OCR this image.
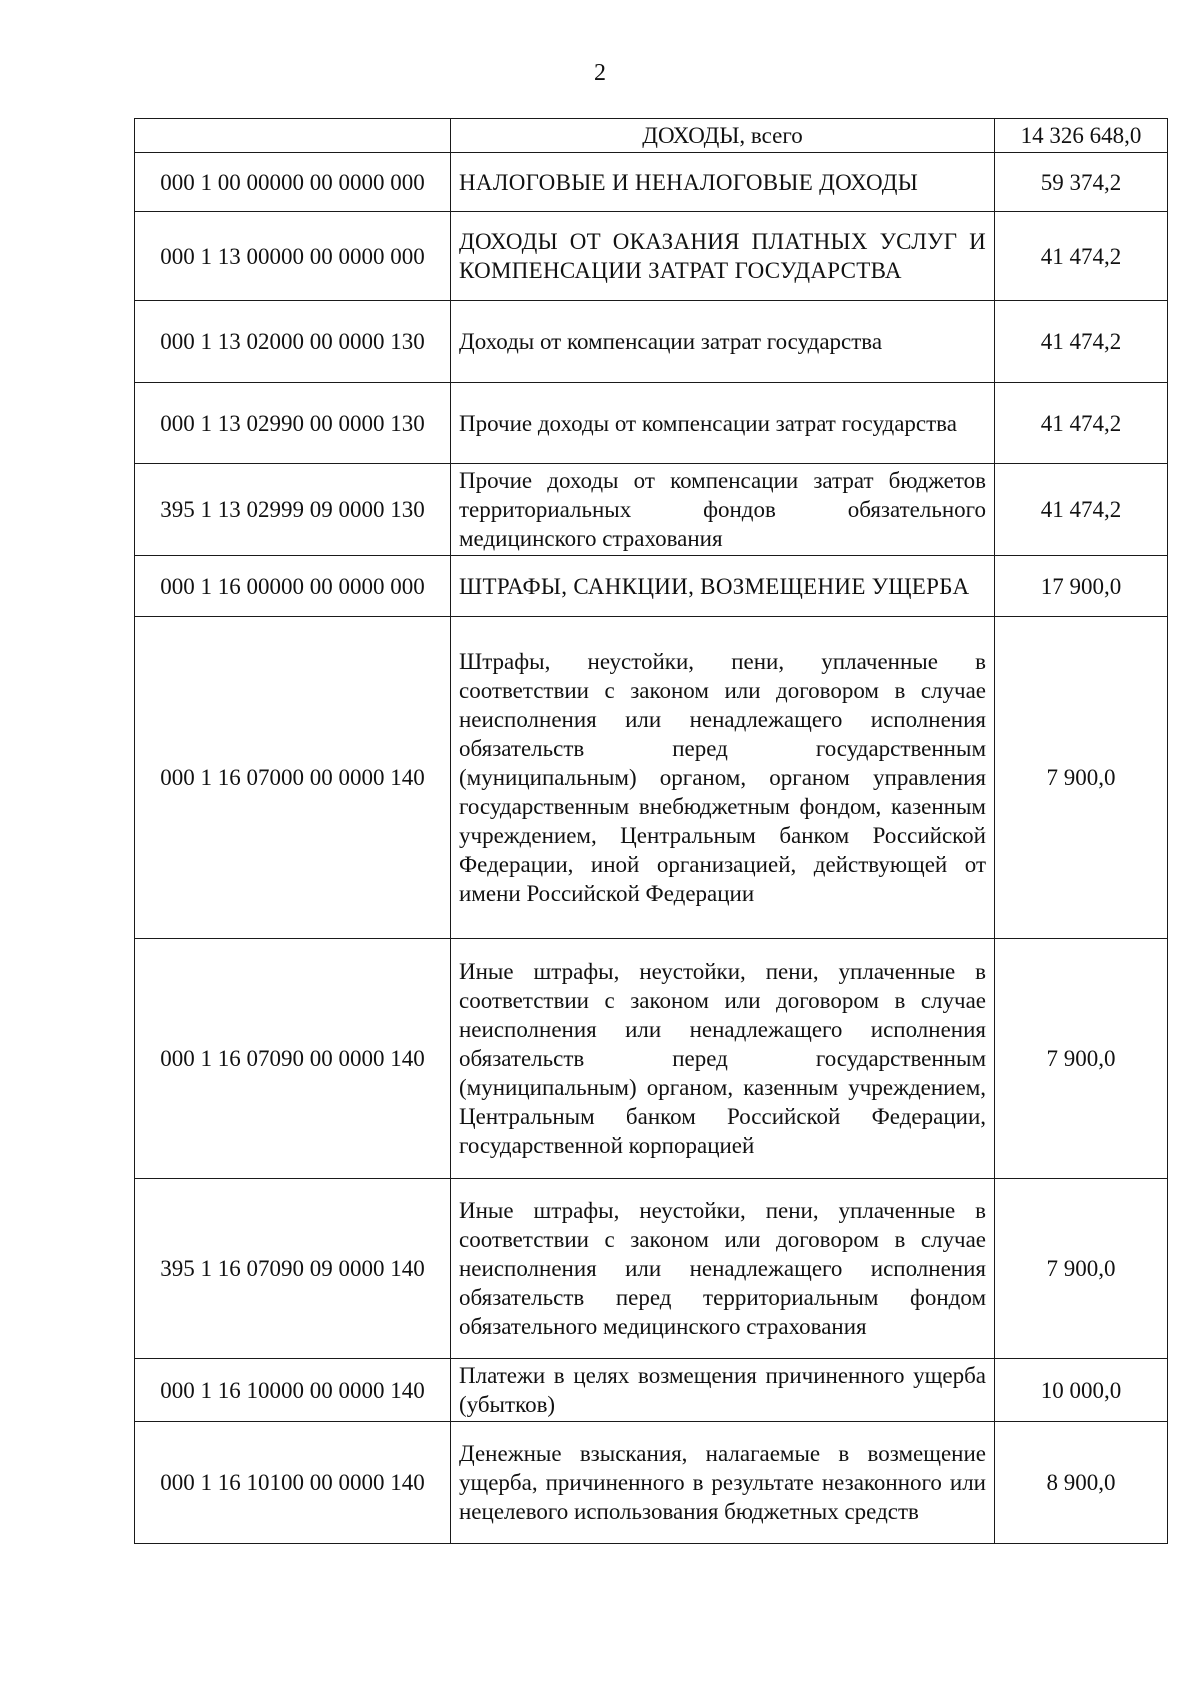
2
	ДОХОДЫ, всего	14 326 648,0
000 1 00 00000 00 0000 000	НАЛОГОВЫЕ И НЕНАЛОГОВЫЕ ДОХОДЫ	59 374,2
000 1 13 00000 00 0000 000	ДОХОДЫ ОТ ОКАЗАНИЯ ПЛАТНЫХ УСЛУГ И КОМПЕНСАЦИИ ЗАТРАТ ГОСУДАРСТВА	41 474,2
000 1 13 02000 00 0000 130	Доходы от компенсации затрат государства	41 474,2
000 1 13 02990 00 0000 130	Прочие доходы от компенсации затрат государства	41 474,2
395 1 13 02999 09 0000 130	Прочие доходы от компенсации затрат бюджетов территориальных фондов обязательного медицинского страхования	41 474,2
000 1 16 00000 00 0000 000	ШТРАФЫ, САНКЦИИ, ВОЗМЕЩЕНИЕ УЩЕРБА	17 900,0
000 1 16 07000 00 0000 140	Штрафы, неустойки, пени, уплаченные в соответствии с законом или договором в случае неисполнения или ненадлежащего исполнения обязательств перед государственным (муниципальным) органом, органом управления государственным внебюджетным фондом, казенным учреждением, Центральным банком Российской Федерации, иной организацией, действующей от имени Российской Федерации	7 900,0
000 1 16 07090 00 0000 140	Иные штрафы, неустойки, пени, уплаченные в соответствии с законом или договором в случае неисполнения или ненадлежащего исполнения обязательств перед государственным (муниципальным) органом, казенным учреждением, Центральным банком Российской Федерации, государственной корпорацией	7 900,0
395 1 16 07090 09 0000 140	Иные штрафы, неустойки, пени, уплаченные в соответствии с законом или договором в случае неисполнения или ненадлежащего исполнения обязательств перед территориальным фондом обязательного медицинского страхования	7 900,0
000 1 16 10000 00 0000 140	Платежи в целях возмещения причиненного ущерба (убытков)	10 000,0
000 1 16 10100 00 0000 140	Денежные взыскания, налагаемые в возмещение ущерба, причиненного в результате незаконного или нецелевого использования бюджетных средств	8 900,0
